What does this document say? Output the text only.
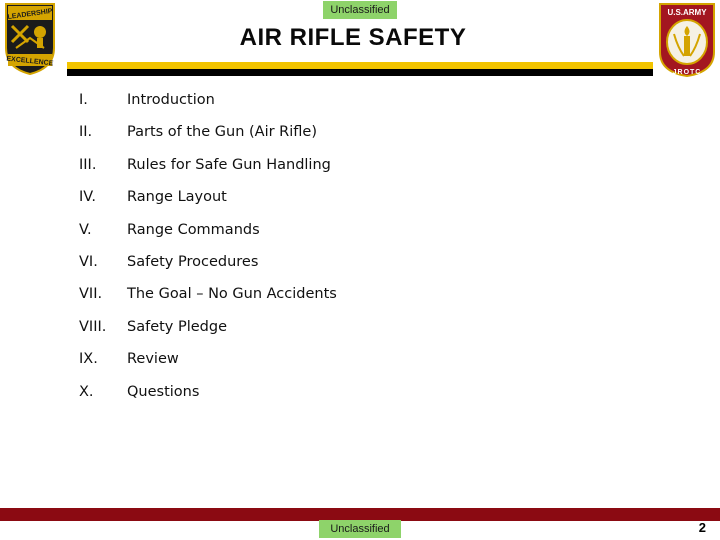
Unclassified
LEADERSHIP
EXCELLENCE
AIR RIFLE SAFETY
U.S.ARMY
JROTC
I.	Introduction
II.	Parts of the Gun (Air Rifle)
III.	Rules for Safe Gun Handling
IV.	Range Layout
V.	Range Commands
VI.	Safety Procedures
VII.	The Goal – No Gun Accidents
VIII.	Safety Pledge
IX.	Review
X.	Questions
Unclassified	2
